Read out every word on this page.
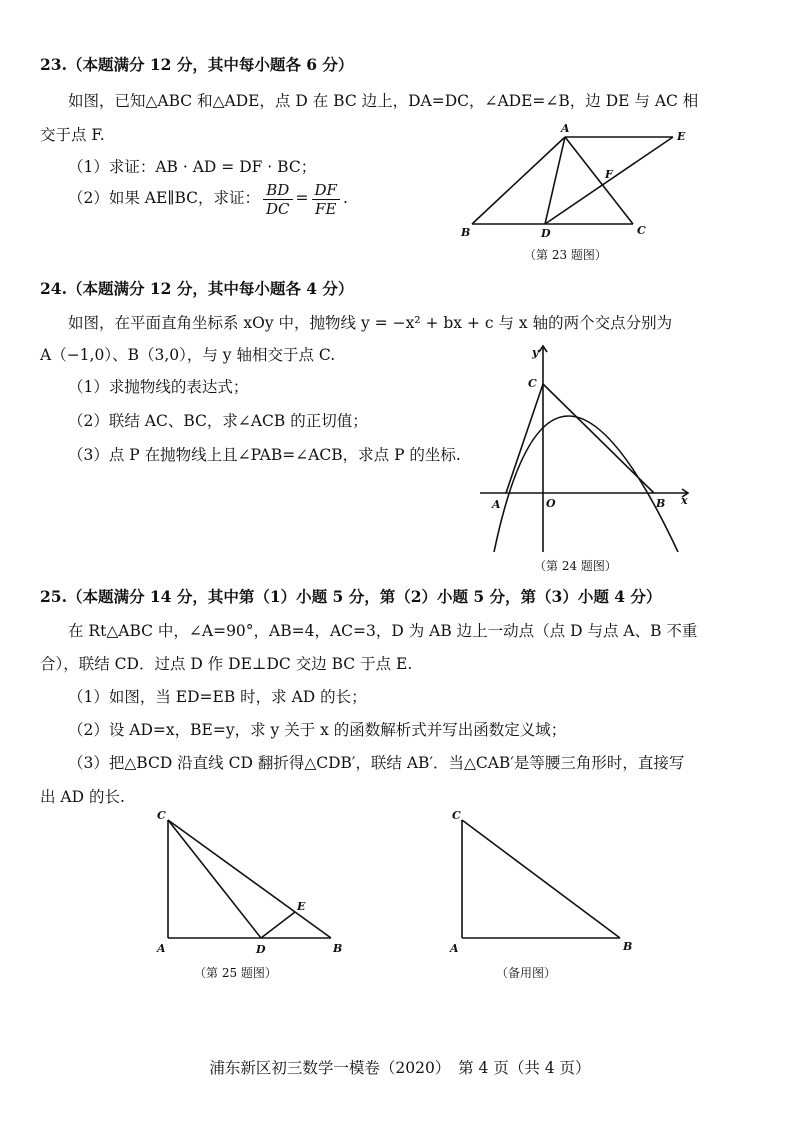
23.（本题满分 12 分，其中每小题各 6 分）
如图，已知△ABC 和△ADE，点 D 在 BC 边上，DA=DC，∠ADE=∠B，边 DE 与 AC 相
交于点 F.
（1）求证：AB · AD = DF · BC；
（2）如果 AE∥BC，求证： $\frac{BD}{DC} = \frac{DF}{FE}$ .
A
E
F
B	D	C
（第 23 题图）
24.（本题满分 12 分，其中每小题各 4 分）
如图，在平面直角坐标系 xOy 中，抛物线 y = −x² + bx + c 与 x 轴的两个交点分别为
A（−1,0）、B（3,0），与 y 轴相交于点 C.
（1）求抛物线的表达式；
（2）联结 AC、BC，求∠ACB 的正切值；
（3）点 P 在抛物线上且∠PAB=∠ACB，求点 P 的坐标.
y
C
A	O	B x
（第 24 题图）
25.（本题满分 14 分，其中第（1）小题 5 分，第（2）小题 5 分，第（3）小题 4 分）
在 Rt△ABC 中，∠A=90°，AB=4，AC=3，D 为 AB 边上一动点（点 D 与点 A、B 不重
合），联结 CD．过点 D 作 DE⊥DC 交边 BC 于点 E.
（1）如图，当 ED=EB 时，求 AD 的长；
（2）设 AD=x，BE=y，求 y 关于 x 的函数解析式并写出函数定义域；
（3）把△BCD 沿直线 CD 翻折得△CDB′，联结 AB′．当△CAB′是等腰三角形时，直接写
出 AD 的长.
C
E
A	D	B
（第 25 题图）
C
A	B
（备用图）
浦东新区初三数学一模卷（2020）　第 4 页（共 4 页）
